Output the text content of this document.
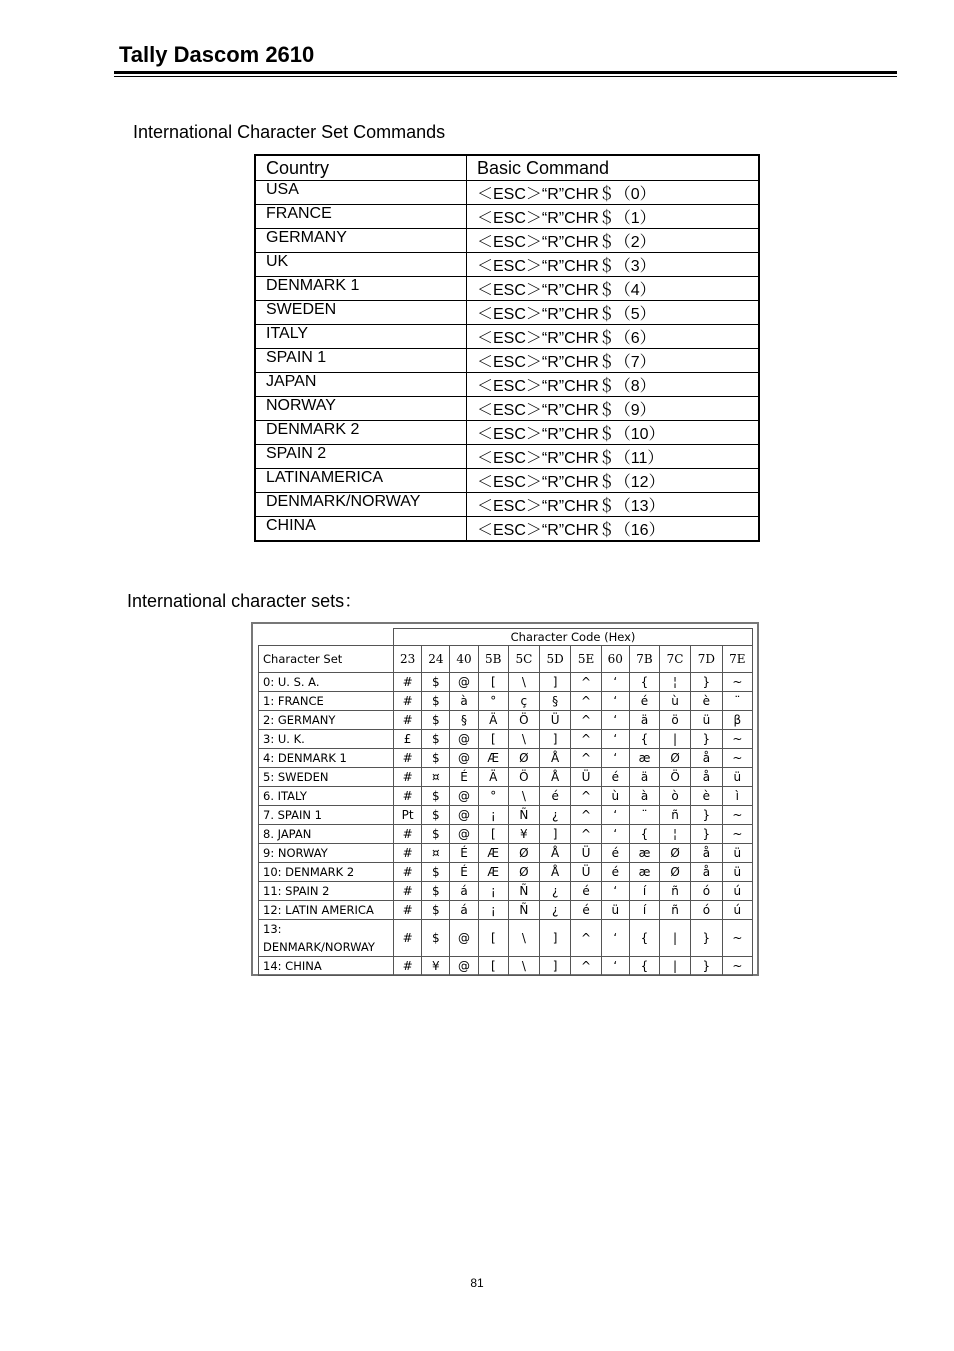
Tally Dascom 2610
International Character Set Commands
Country	Basic Command
USA	＜ESC＞“R”CHR＄（0）
FRANCE	＜ESC＞“R”CHR＄（1）
GERMANY	＜ESC＞“R”CHR＄（2）
UK	＜ESC＞“R”CHR＄（3）
DENMARK 1	＜ESC＞“R”CHR＄（4）
SWEDEN	＜ESC＞“R”CHR＄（5）
ITALY	＜ESC＞“R”CHR＄（6）
SPAIN 1	＜ESC＞“R”CHR＄（7）
JAPAN	＜ESC＞“R”CHR＄（8）
NORWAY	＜ESC＞“R”CHR＄（9）
DENMARK 2	＜ESC＞“R”CHR＄（10）
SPAIN 2	＜ESC＞“R”CHR＄（11）
LATINAMERICA	＜ESC＞“R”CHR＄（12）
DENMARK/NORWAY	＜ESC＞“R”CHR＄（13）
CHINA	＜ESC＞“R”CHR＄（16）
International character sets：
	Character Code (Hex)											
Character Set	23	24	40	5B	5C	5D	5E	60	7B	7C	7D	7E
0: U. S. A.	#	$	@	[	\	]	^	‘	{	¦	}	~
1: FRANCE	#	$	à	°	ç	§	^	‘	é	ù	è	¨
2: GERMANY	#	$	§	Ä	Ö	Ü	^	‘	ä	ö	ü	β
3: U. K.	£	$	@	[	\	]	^	‘	{	|	}	~
4: DENMARK 1	#	$	@	Æ	Ø	Å	^	‘	æ	Ø	å	~
5: SWEDEN	#	¤	É	Ä	Ö	Å	Ü	é	ä	Ö	å	ü
6. ITALY	#	$	@	°	\	é	^	ù	à	ò	è	ì
7. SPAIN 1	Pt	$	@	¡	Ñ	¿	^	‘	¨	ñ	}	~
8. JAPAN	#	$	@	[	¥	]	^	‘	{	¦	}	~
9: NORWAY	#	¤	É	Æ	Ø	Å	Ü	é	æ	Ø	å	ü
10: DENMARK 2	#	$	É	Æ	Ø	Å	Ü	é	æ	Ø	å	ü
11: SPAIN 2	#	$	á	¡	Ñ	¿	é	‘	í	ñ	ó	ú
12: LATIN AMERICA	#	$	á	¡	Ñ	¿	é	ü	í	ñ	ó	ú
13: DENMARK/NORWAY	#	$	@	[	\	]	^	‘	{	|	}	~
14: CHINA	#	¥	@	[	\	]	^	‘	{	|	}	~
81
